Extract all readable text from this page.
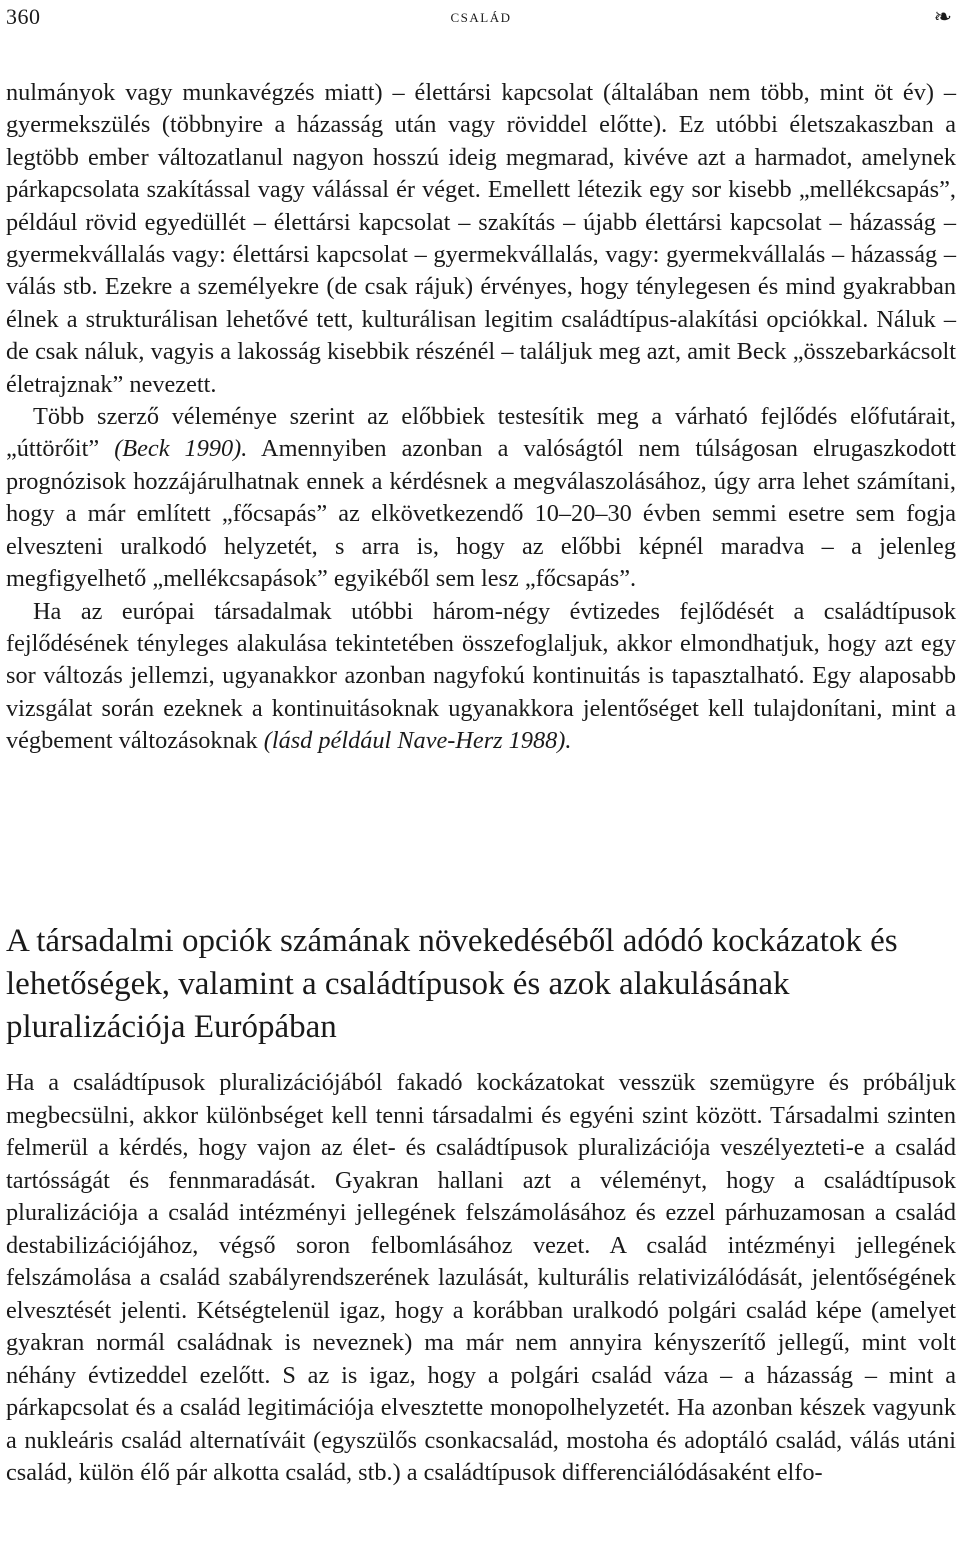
360	család	❧

nulmányok vagy munkavégzés miatt) – élettársi kapcsolat (általában nem több, mint öt év) – gyermekszülés (többnyire a házasság után vagy röviddel előtte). Ez utóbbi életszakaszban a legtöbb ember változatlanul nagyon hosszú ideig megmarad, kivéve azt a harmadot, amelynek párkapcsolata szakítással vagy válással ér véget. Emellett létezik egy sor kisebb „mellékcsapás”, például rövid egyedüllét – élettársi kapcsolat – szakítás – újabb élettársi kapcsolat – házasság – gyermekvállalás vagy: élettársi kapcsolat – gyermekvállalás, vagy: gyermekvállalás – házasság – válás stb. Ezekre a személyekre (de csak rájuk) érvényes, hogy ténylegesen és mind gyakrabban élnek a strukturálisan lehetővé tett, kulturálisan legitim családtípus-alakítási opciókkal. Náluk – de csak náluk, vagyis a lakosság kisebbik részénél – találjuk meg azt, amit Beck „összebarkácsolt életrajznak” nevezett.

Több szerző véleménye szerint az előbbiek testesítik meg a várható fejlődés előfutárait, „úttörőit” (Beck 1990). Amennyiben azonban a valóságtól nem túlságosan elrugaszkodott prognózisok hozzájárulhatnak ennek a kérdésnek a megválaszolásához, úgy arra lehet számítani, hogy a már említett „főcsapás” az elkövetkezendő 10–20–30 évben semmi esetre sem fogja elveszteni uralkodó helyzetét, s arra is, hogy az előbbi képnél maradva – a jelenleg megfigyelhető „mellékcsapások” egyikéből sem lesz „főcsapás”.

Ha az európai társadalmak utóbbi három-négy évtizedes fejlődését a családtípusok fejlődésének tényleges alakulása tekintetében összefoglaljuk, akkor elmondhatjuk, hogy azt egy sor változás jellemzi, ugyanakkor azonban nagyfokú kontinuitás is tapasztalható. Egy alaposabb vizsgálat során ezeknek a kontinuitásoknak ugyanakkora jelentőséget kell tulajdonítani, mint a végbement változásoknak (lásd például Nave-Herz 1988).

A társadalmi opciók számának növekedéséből adódó kockázatok és lehetőségek, valamint a családtípusok és azok alakulásának pluralizációja Európában

Ha a családtípusok pluralizációjából fakadó kockázatokat vesszük szemügyre és próbáljuk megbecsülni, akkor különbséget kell tenni társadalmi és egyéni szint között. Társadalmi szinten felmerül a kérdés, hogy vajon az élet- és családtípusok pluralizációja veszélyezteti-e a család tartósságát és fennmaradását. Gyakran hallani azt a véleményt, hogy a családtípusok pluralizációja a család intézményi jellegének felszámolásához és ezzel párhuzamosan a család destabilizációjához, végső soron felbomlásához vezet. A család intézményi jellegének felszámolása a család szabályrendszerének lazulását, kulturális relativizálódását, jelentőségének elvesztését jelenti. Kétségtelenül igaz, hogy a korábban uralkodó polgári család képe (amelyet gyakran normál családnak is neveznek) ma már nem annyira kényszerítő jellegű, mint volt néhány évtizeddel ezelőtt. S az is igaz, hogy a polgári család váza – a házasság – mint a párkapcsolat és a család legitimációja elvesztette monopolhelyzetét. Ha azonban készek vagyunk a nukleáris család alternatíváit (egyszülős csonkacsalád, mostoha és adoptáló család, válás utáni család, külön élő pár alkotta család, stb.) a családtípusok differenciálódásaként elfo-
